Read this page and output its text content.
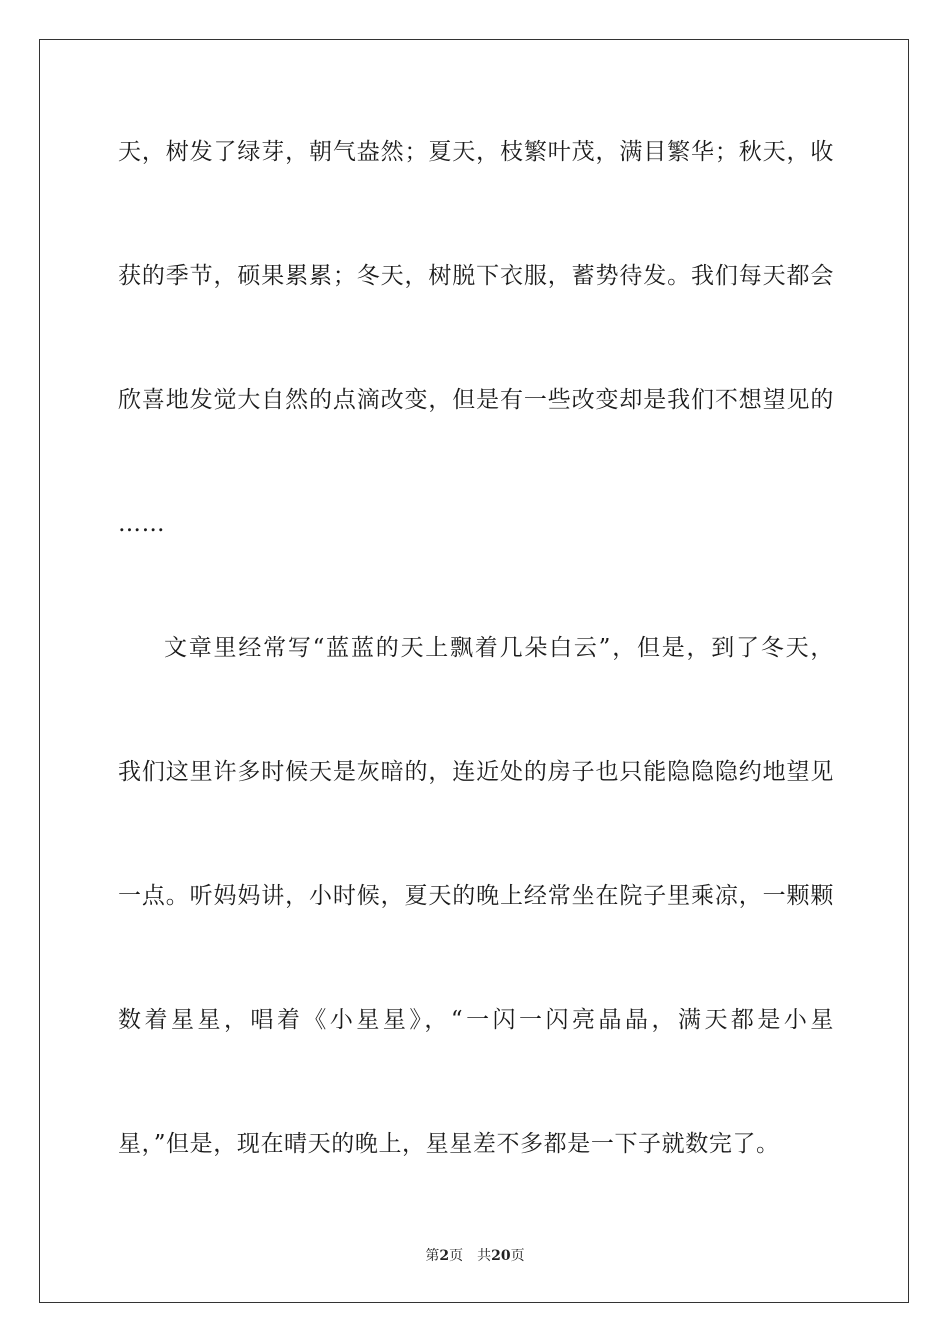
天，树发了绿芽，朝气盎然；夏天，枝繁叶茂，满目繁华；秋天，收
获的季节，硕果累累；冬天，树脱下衣服，蓄势待发。我们每天都会
欣喜地发觉大自然的点滴改变，但是有一些改变却是我们不想望见的
……
文章里经常写“蓝蓝的天上飘着几朵白云”，但是，到了冬天，
我们这里许多时候天是灰暗的，连近处的房子也只能隐隐隐约地望见
一点。听妈妈讲，小时候，夏天的晚上经常坐在院子里乘凉，一颗颗
数着星星，唱着《小星星》，“一闪一闪亮晶晶，满天都是小星
星，”但是，现在晴天的晚上，星星差不多都是一下子就数完了。
第2页 共20页
